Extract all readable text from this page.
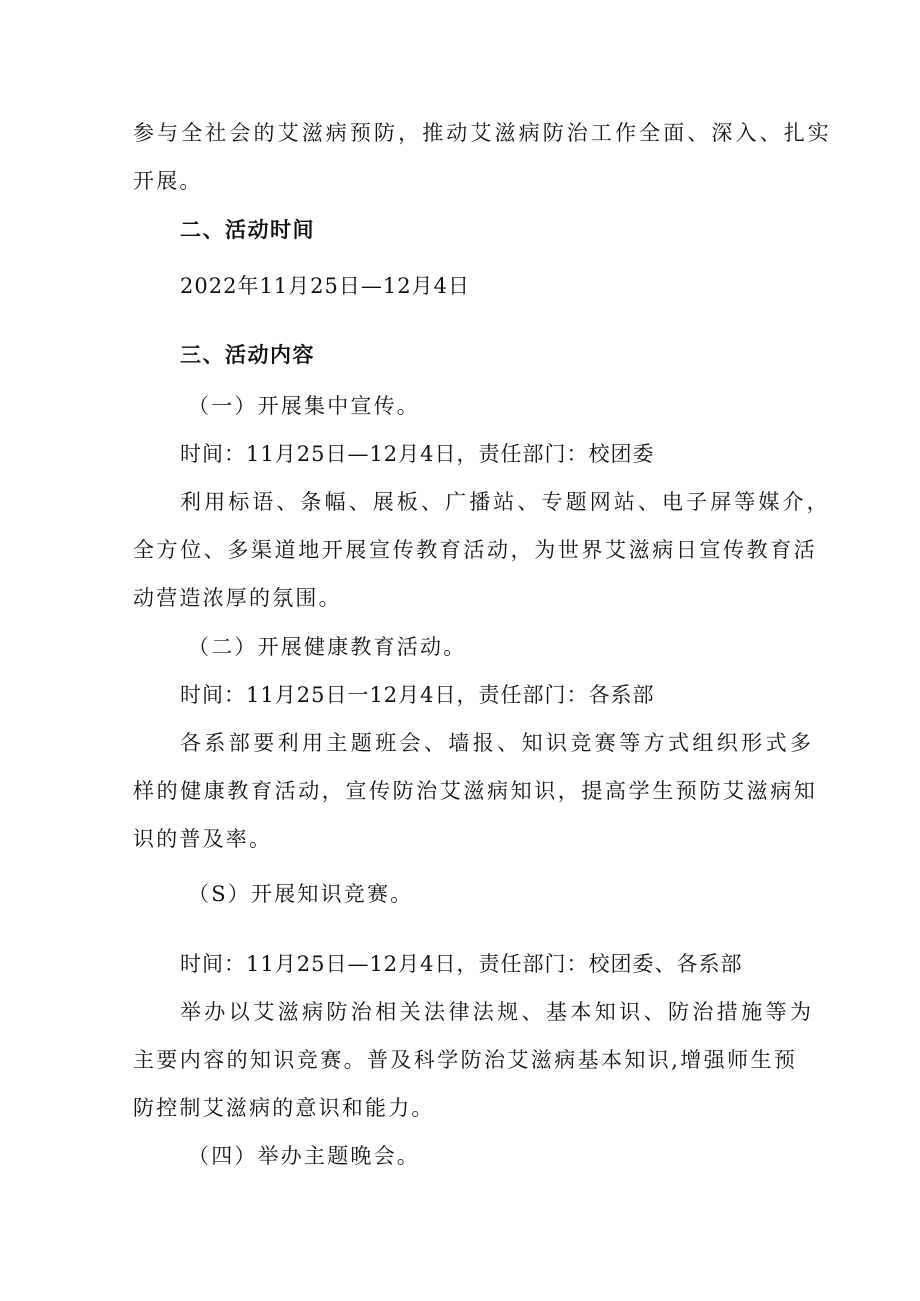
参与全社会的艾滋病预防，推动艾滋病防治工作全面、深入、扎实
开展。
二、活动时间
2022年11月25日—12月4日
三、活动内容
（一）开展集中宣传。
时间：11月25日—12月4日，责任部门：校团委
利用标语、条幅、展板、广播站、专题网站、电子屏等媒介，
全方位、多渠道地开展宣传教育活动，为世界艾滋病日宣传教育活
动营造浓厚的氛围。
（二）开展健康教育活动。
时间：11月25日一12月4日，责任部门：各系部
各系部要利用主题班会、墙报、知识竞赛等方式组织形式多
样的健康教育活动，宣传防治艾滋病知识，提高学生预防艾滋病知
识的普及率。
（S）开展知识竞赛。
时间：11月25日—12月4日，责任部门：校团委、各系部
举办以艾滋病防治相关法律法规、基本知识、防治措施等为
主要内容的知识竞赛。普及科学防治艾滋病基本知识,增强师生预
防控制艾滋病的意识和能力。
（四）举办主题晚会。
